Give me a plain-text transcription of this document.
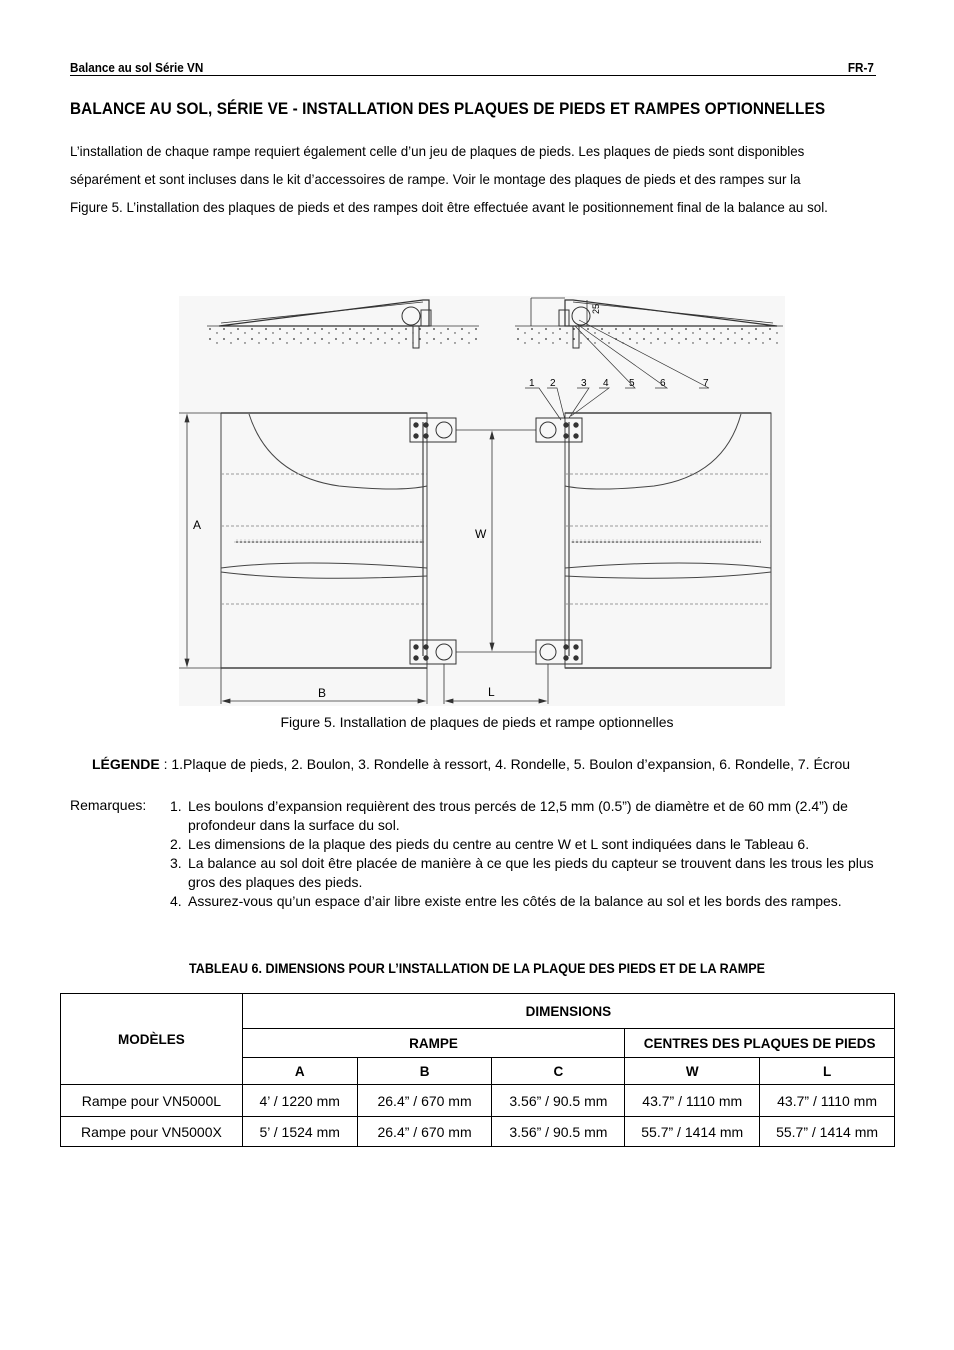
Balance au sol Série VN	FR-7
BALANCE AU SOL, SÉRIE VE - INSTALLATION DES PLAQUES DE PIEDS ET RAMPES OPTIONNELLES

L’installation de chaque rampe requiert également celle d’un jeu de plaques de pieds. Les plaques de pieds sont disponibles

séparément et sont incluses dans le kit d’accessoires de rampe. Voir le montage des plaques de pieds et des rampes sur la

Figure 5. L’installation des plaques de pieds et des rampes doit être effectuée avant le positionnement final de la balance au sol.

25
1 2	3 4 5	6	7
A
W
B	L
Figure 5. Installation de plaques de pieds et rampe optionnelles
LÉGENDE : 1.Plaque de pieds, 2. Boulon, 3. Rondelle à ressort, 4. Rondelle, 5. Boulon d’expansion, 6. Rondelle, 7. Écrou
Remarques: 1. Les boulons d’expansion requièrent des trous percés de 12,5 mm (0.5”) de diamètre et de 60 mm (2.4”) de profondeur dans la surface du sol.
2. Les dimensions de la plaque des pieds du centre au centre W et L sont indiquées dans le Tableau 6.
3. La balance au sol doit être placée de manière à ce que les pieds du capteur se trouvent dans les trous les plus gros des plaques des pieds.
4. Assurez-vous qu’un espace d’air libre existe entre les côtés de la balance au sol et les bords des rampes.
TABLEAU 6. DIMENSIONS POUR L’INSTALLATION DE LA PLAQUE DES PIEDS ET DE LA RAMPE
MODÈLES	DIMENSIONS				
	RAMPE			CENTRES DES PLAQUES DE PIEDS	
	A	B	C	W	L
Rampe pour VN5000L	4’ / 1220 mm	26.4” / 670 mm	3.56” / 90.5 mm	43.7” / 1110 mm	43.7” / 1110 mm
Rampe pour VN5000X	5’ / 1524 mm	26.4” / 670 mm	3.56” / 90.5 mm	55.7” / 1414 mm	55.7” / 1414 mm
